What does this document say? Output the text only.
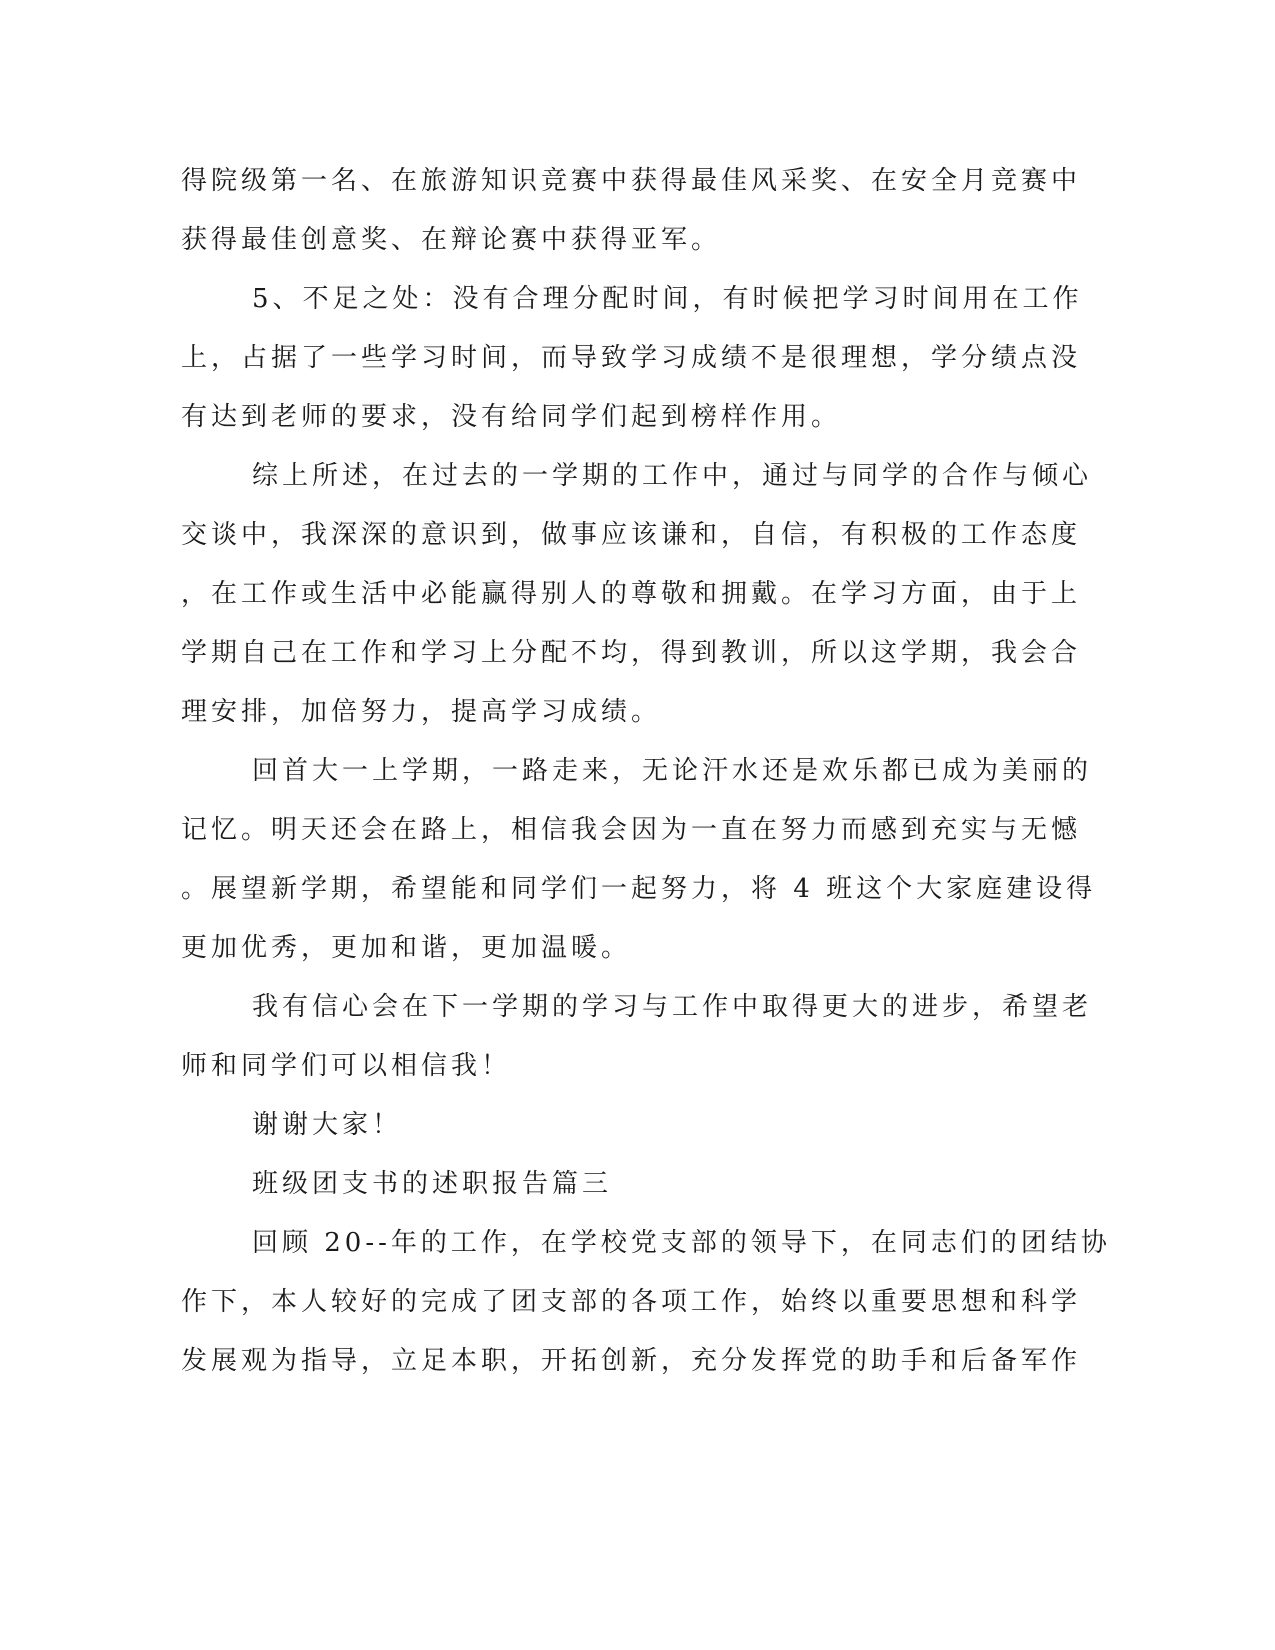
得院级第一名、在旅游知识竞赛中获得最佳风采奖、在安全月竞赛中

获得最佳创意奖、在辩论赛中获得亚军。

5、不足之处：没有合理分配时间，有时候把学习时间用在工作

上，占据了一些学习时间，而导致学习成绩不是很理想，学分绩点没

有达到老师的要求，没有给同学们起到榜样作用。

综上所述，在过去的一学期的工作中，通过与同学的合作与倾心

交谈中，我深深的意识到，做事应该谦和，自信，有积极的工作态度

，在工作或生活中必能赢得别人的尊敬和拥戴。在学习方面，由于上

学期自己在工作和学习上分配不均，得到教训，所以这学期，我会合

理安排，加倍努力，提高学习成绩。

回首大一上学期，一路走来，无论汗水还是欢乐都已成为美丽的

记忆。明天还会在路上，相信我会因为一直在努力而感到充实与无憾

。展望新学期，希望能和同学们一起努力，将 4 班这个大家庭建设得

更加优秀，更加和谐，更加温暖。

我有信心会在下一学期的学习与工作中取得更大的进步，希望老

师和同学们可以相信我！

谢谢大家！

班级团支书的述职报告篇三

回顾 20--年的工作，在学校党支部的领导下，在同志们的团结协

作下，本人较好的完成了团支部的各项工作，始终以重要思想和科学

发展观为指导，立足本职，开拓创新，充分发挥党的助手和后备军作
